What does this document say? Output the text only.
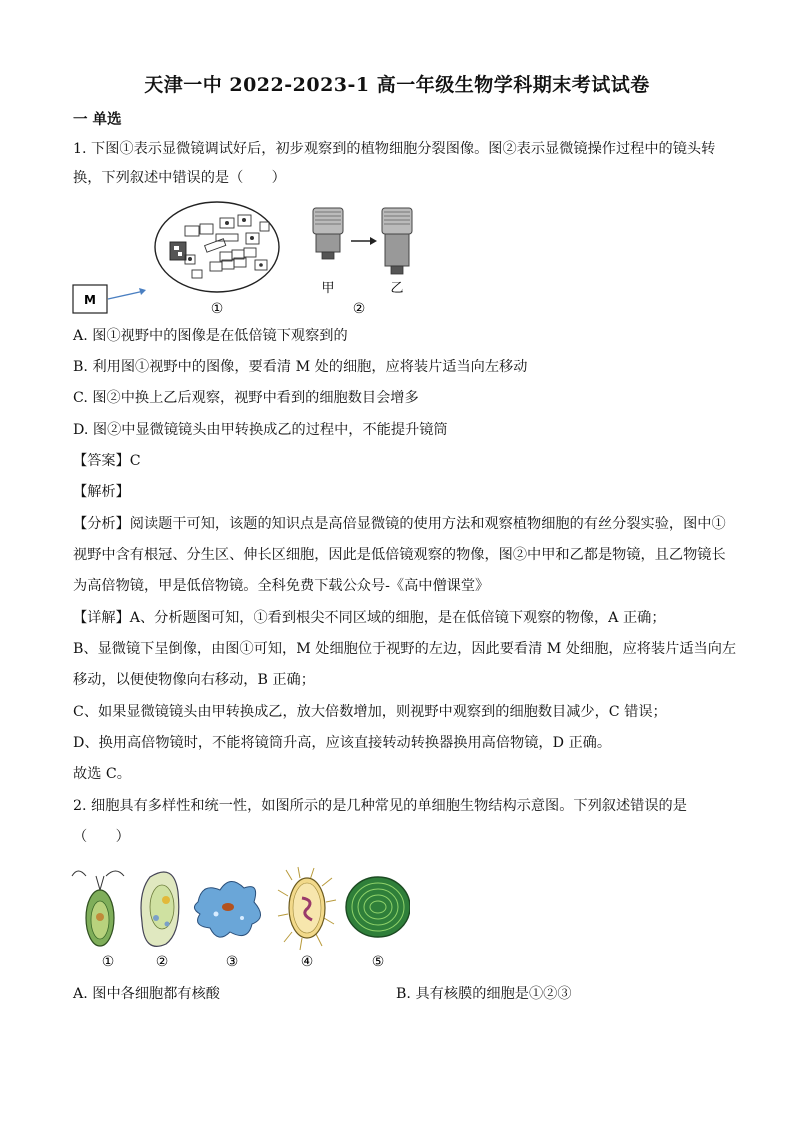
天津一中 2022-2023-1 高一年级生物学科期末考试试卷
一 单选
1. 下图①表示显微镜调试好后，初步观察到的植物细胞分裂图像。图②表示显微镜操作过程中的镜头转
换，下列叙述中错误的是（　　）
M
①
甲	乙
②
A. 图①视野中的图像是在低倍镜下观察到的
B. 利用图①视野中的图像，要看清 M 处的细胞，应将装片适当向左移动
C. 图②中换上乙后观察，视野中看到的细胞数目会增多
D. 图②中显微镜镜头由甲转换成乙的过程中，不能提升镜筒
【答案】C
【解析】
【分析】阅读题干可知，该题的知识点是高倍显微镜的使用方法和观察植物细胞的有丝分裂实验，图中①
视野中含有根冠、分生区、伸长区细胞，因此是低倍镜观察的物像，图②中甲和乙都是物镜，且乙物镜长
为高倍物镜，甲是低倍物镜。全科免费下载公众号-《高中僧课堂》
【详解】A、分析题图可知，①看到根尖不同区域的细胞，是在低倍镜下观察的物像，A 正确；
B、显微镜下呈倒像，由图①可知，M 处细胞位于视野的左边，因此要看清 M 处细胞，应将装片适当向左
移动，以便使物像向右移动，B 正确；
C、如果显微镜镜头由甲转换成乙，放大倍数增加，则视野中观察到的细胞数目减少，C 错误；
D、换用高倍物镜时，不能将镜筒升高，应该直接转动转换器换用高倍物镜，D 正确。
故选 C。
2. 细胞具有多样性和统一性，如图所示的是几种常见的单细胞生物结构示意图。下列叙述错误的是
（　　）
①	②	③	④	⑤
A. 图中各细胞都有核酸	B. 具有核膜的细胞是①②③
